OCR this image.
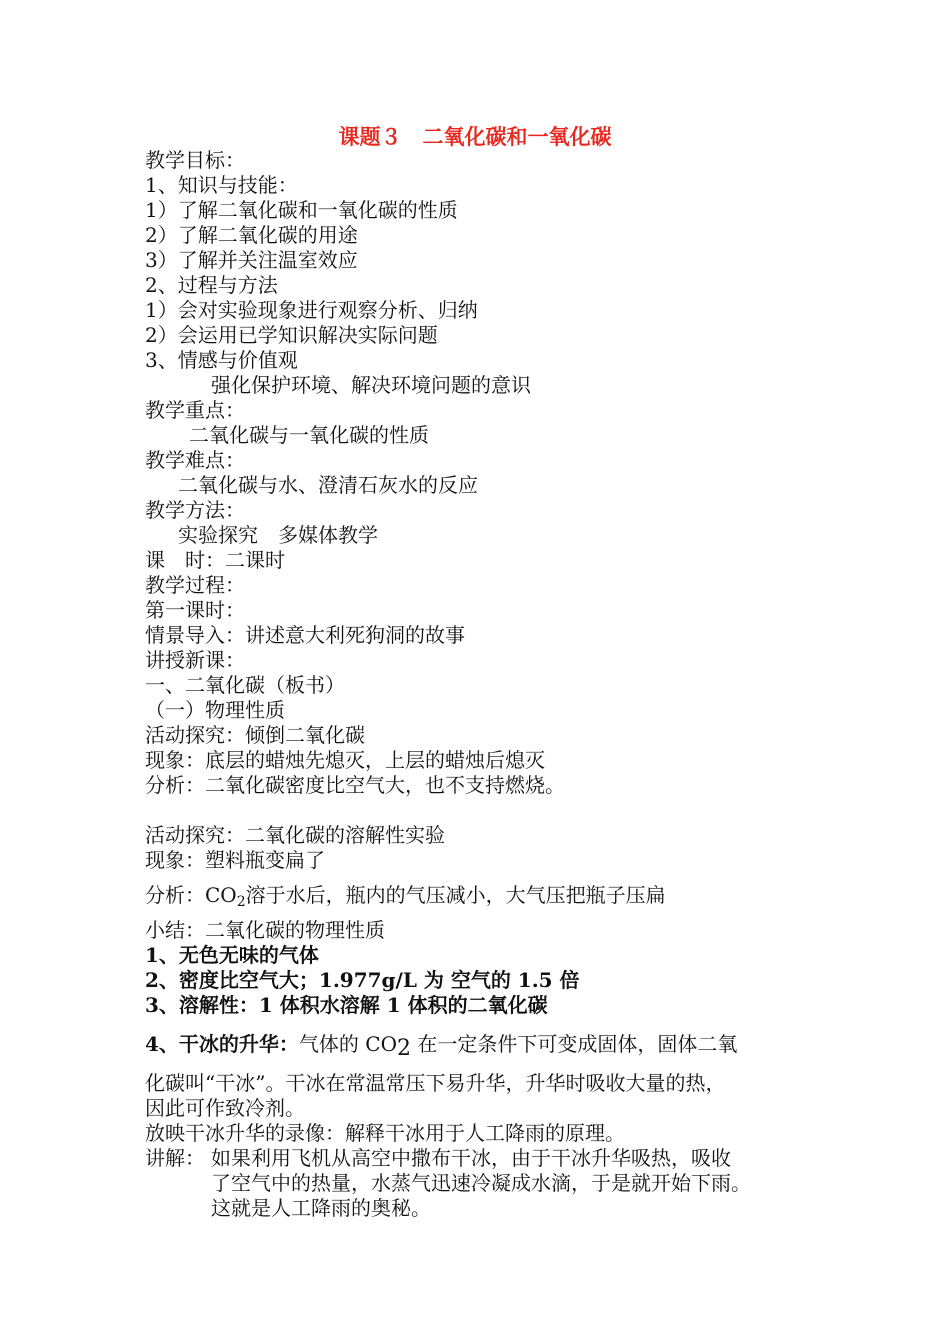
课题３　二氧化碳和一氧化碳
教学目标：
1、知识与技能：
1）了解二氧化碳和一氧化碳的性质
2）了解二氧化碳的用途
3）了解并关注温室效应
2、过程与方法
1）会对实验现象进行观察分析、归纳
2）会运用已学知识解决实际问题
3、情感与价值观
强化保护环境、解决环境问题的意识
教学重点：
二氧化碳与一氧化碳的性质
教学难点：
二氧化碳与水、澄清石灰水的反应
教学方法：
实验探究　多媒体教学
课　时：二课时
教学过程：
第一课时：
情景导入：讲述意大利死狗洞的故事
讲授新课：
一、二氧化碳（板书）
（一）物理性质
活动探究：倾倒二氧化碳
现象：底层的蜡烛先熄灭，上层的蜡烛后熄灭
分析：二氧化碳密度比空气大，也不支持燃烧。
活动探究：二氧化碳的溶解性实验
现象：塑料瓶变扁了
分析：$CO_2$溶于水后，瓶内的气压减小，大气压把瓶子压扁
小结：二氧化碳的物理性质
1、无色无味的气体
2、密度比空气大；1.977g/L 为 空气的 1.5 倍
3、溶解性：1 体积水溶解 1 体积的二氧化碳
4、干冰的升华：气体的 $CO_2$ 在一定条件下可变成固体，固体二氧
化碳叫“干冰”。干冰在常温常压下易升华，升华时吸收大量的热，
因此可作致冷剂。
放映干冰升华的录像：解释干冰用于人工降雨的原理。
讲解： 如果利用飞机从高空中撒布干冰，由于干冰升华吸热，吸收
了空气中的热量，水蒸气迅速冷凝成水滴，于是就开始下雨。
这就是人工降雨的奥秘。
